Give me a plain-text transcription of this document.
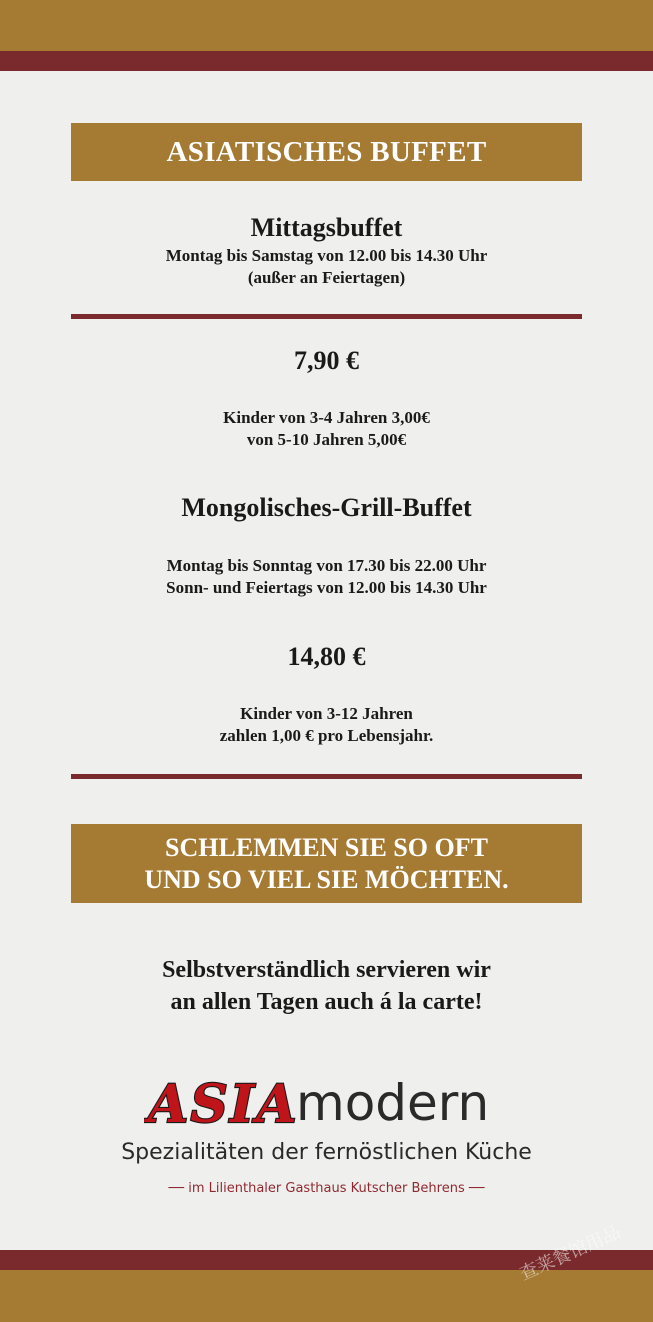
ASIATISCHES BUFFET
Mittagsbuffet
Montag bis Samstag von 12.00 bis 14.30 Uhr
(außer an Feiertagen)
7,90 €
Kinder von 3-4 Jahren 3,00€
von 5-10 Jahren 5,00€
Mongolisches-Grill-Buffet
Montag bis Sonntag von 17.30 bis 22.00 Uhr
Sonn- und Feiertags von 12.00 bis 14.30 Uhr
14,80 €
Kinder von 3-12 Jahren
zahlen 1,00 € pro Lebensjahr.
SCHLEMMEN SIE SO OFT
UND SO VIEL SIE MÖCHTEN.
Selbstverständlich servieren wir
an allen Tagen auch á la carte!
ASIA
modern
Spezialitäten der fernöstlichen Küche
── im Lilienthaler Gasthaus Kutscher Behrens ──
查莱餐馆用品
